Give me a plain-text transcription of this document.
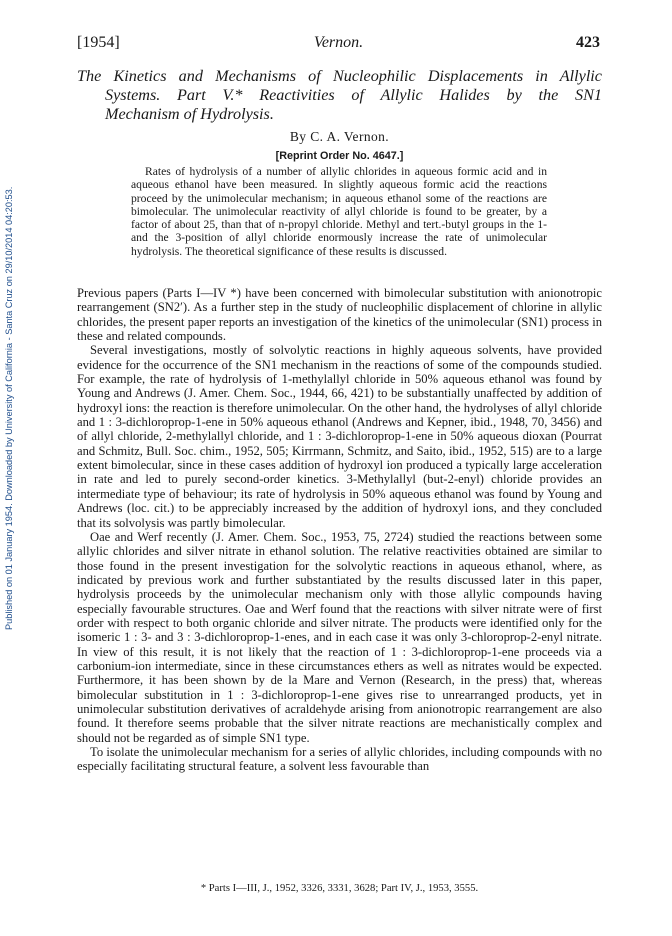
Published on 01 January 1954. Downloaded by University of California - Santa Cruz on 29/10/2014 04:20:53.
[1954]	Vernon.	423
The Kinetics and Mechanisms of Nucleophilic Displacements in Allylic
Systems. Part V.* Reactivities of Allylic Halides by the SN1
Mechanism of Hydrolysis.
By C. A. Vernon.
[Reprint Order No. 4647.]

Rates of hydrolysis of a number of allylic chlorides in aqueous formic acid and in aqueous ethanol have been measured. In slightly aqueous formic acid the reactions proceed by the unimolecular mechanism; in aqueous ethanol some of the reactions are bimolecular. The unimolecular reactivity of allyl chloride is found to be greater, by a factor of about 25, than that of n-propyl chloride. Methyl and tert.-butyl groups in the 1- and the 3-position of allyl chloride enormously increase the rate of unimolecular hydrolysis. The theoretical significance of these results is discussed.

Previous papers (Parts I—IV *) have been concerned with bimolecular substitution with anionotropic rearrangement (SN2′). As a further step in the study of nucleophilic displacement of chlorine in allylic chlorides, the present paper reports an investigation of the kinetics of the unimolecular (SN1) process in these and related compounds.

Several investigations, mostly of solvolytic reactions in highly aqueous solvents, have provided evidence for the occurrence of the SN1 mechanism in the reactions of some of the compounds studied. For example, the rate of hydrolysis of 1-methylallyl chloride in 50% aqueous ethanol was found by Young and Andrews (J. Amer. Chem. Soc., 1944, 66, 421) to be substantially unaffected by addition of hydroxyl ions: the reaction is therefore unimolecular. On the other hand, the hydrolyses of allyl chloride and 1 : 3-dichloroprop-1-ene in 50% aqueous ethanol (Andrews and Kepner, ibid., 1948, 70, 3456) and of allyl chloride, 2-methylallyl chloride, and 1 : 3-dichloroprop-1-ene in 50% aqueous dioxan (Pourrat and Schmitz, Bull. Soc. chim., 1952, 505; Kirrmann, Schmitz, and Saito, ibid., 1952, 515) are to a large extent bimolecular, since in these cases addition of hydroxyl ion produced a typically large acceleration in rate and led to purely second-order kinetics. 3-Methylallyl (but-2-enyl) chloride provides an intermediate type of behaviour; its rate of hydrolysis in 50% aqueous ethanol was found by Young and Andrews (loc. cit.) to be appreciably increased by the addition of hydroxyl ions, and they concluded that its solvolysis was partly bimolecular.

Oae and Werf recently (J. Amer. Chem. Soc., 1953, 75, 2724) studied the reactions between some allylic chlorides and silver nitrate in ethanol solution. The relative reactivities obtained are similar to those found in the present investigation for the solvolytic reactions in aqueous ethanol, where, as indicated by previous work and further substantiated by the results discussed later in this paper, hydrolysis proceeds by the unimolecular mechanism only with those allylic compounds having especially favourable structures. Oae and Werf found that the reactions with silver nitrate were of first order with respect to both organic chloride and silver nitrate. The products were identified only for the isomeric 1 : 3- and 3 : 3-dichloroprop-1-enes, and in each case it was only 3-chloroprop-2-enyl nitrate. In view of this result, it is not likely that the reaction of 1 : 3-dichloroprop-1-ene proceeds via a carbonium-ion intermediate, since in these circumstances ethers as well as nitrates would be expected. Furthermore, it has been shown by de la Mare and Vernon (Research, in the press) that, whereas bimolecular substitution in 1 : 3-dichloroprop-1-ene gives rise to unrearranged products, yet in unimolecular substitution derivatives of acraldehyde arising from anionotropic rearrangement are also found. It therefore seems probable that the silver nitrate reactions are mechanistically complex and should not be regarded as of simple SN1 type.

To isolate the unimolecular mechanism for a series of allylic chlorides, including compounds with no especially facilitating structural feature, a solvent less favourable than

* Parts I—III, J., 1952, 3326, 3331, 3628; Part IV, J., 1953, 3555.
